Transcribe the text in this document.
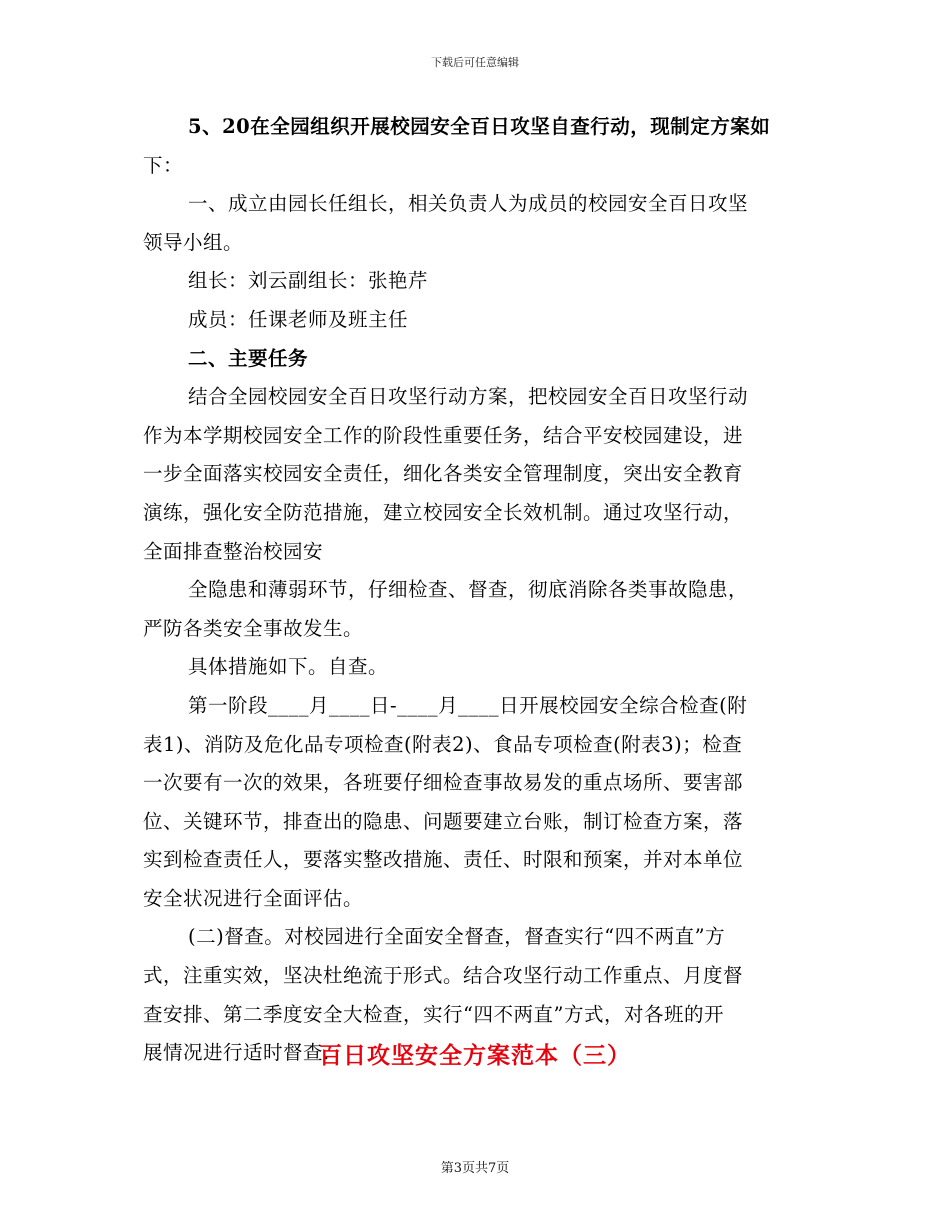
下载后可任意编辑

5、20在全园组织开展校园安全百日攻坚自查行动，现制定方案如

下：

一、成立由园长任组长，相关负责人为成员的校园安全百日攻坚

领导小组。

组长：刘云副组长：张艳芹

成员：任课老师及班主任

二、主要任务

结合全园校园安全百日攻坚行动方案，把校园安全百日攻坚行动

作为本学期校园安全工作的阶段性重要任务，结合平安校园建设，进

一步全面落实校园安全责任，细化各类安全管理制度，突出安全教育

演练，强化安全防范措施，建立校园安全长效机制。通过攻坚行动，

全面排查整治校园安

全隐患和薄弱环节，仔细检查、督查，彻底消除各类事故隐患，

严防各类安全事故发生。

具体措施如下。自查。

第一阶段____月____日-____月____日开展校园安全综合检查(附

表1)、消防及危化品专项检查(附表2)、食品专项检查(附表3)；检查

一次要有一次的效果，各班要仔细检查事故易发的重点场所、要害部

位、关键环节，排查出的隐患、问题要建立台账，制订检查方案，落

实到检查责任人，要落实整改措施、责任、时限和预案，并对本单位

安全状况进行全面评估。

(二)督查。对校园进行全面安全督查，督查实行“四不两直”方

式，注重实效，坚决杜绝流于形式。结合攻坚行动工作重点、月度督

查安排、第二季度安全大检查，实行“四不两直”方式，对各班的开

展情况进行适时督查.

百日攻坚安全方案范本（三）
第3页共7页
